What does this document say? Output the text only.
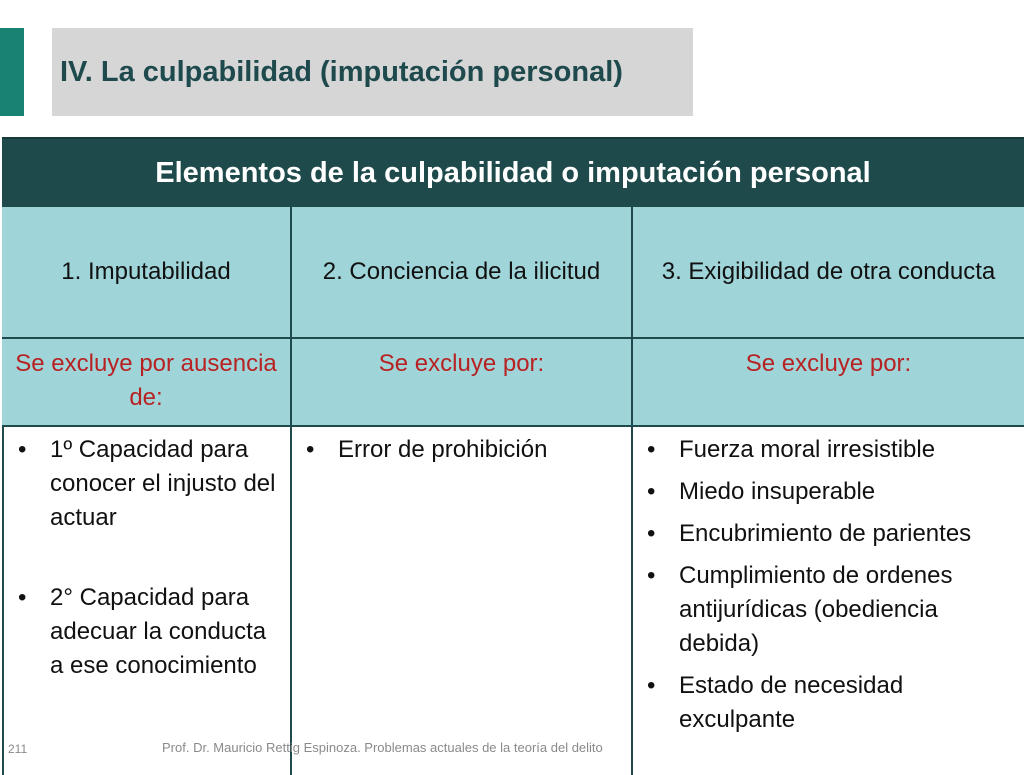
IV. La culpabilidad (imputación personal)
Elementos de la culpabilidad o imputación personal
1. Imputabilidad	2. Conciencia de la ilicitud	3. Exigibilidad de otra conducta
Se excluye por ausencia de:
Se excluye por:	Se excluye por:
• 1º Capacidad para conocer el injusto del actuar
• 2° Capacidad para adecuar la conducta a ese conocimiento
• Error de prohibición
•	Fuerza moral irresistible
• Miedo insuperable
• Encubrimiento de parientes
• Cumplimiento de ordenes antijurídicas (obediencia debida)
• Estado de necesidad exculpante
211	Prof. Dr. Mauricio Rettig Espinoza. Problemas actuales de la teoría del delito
